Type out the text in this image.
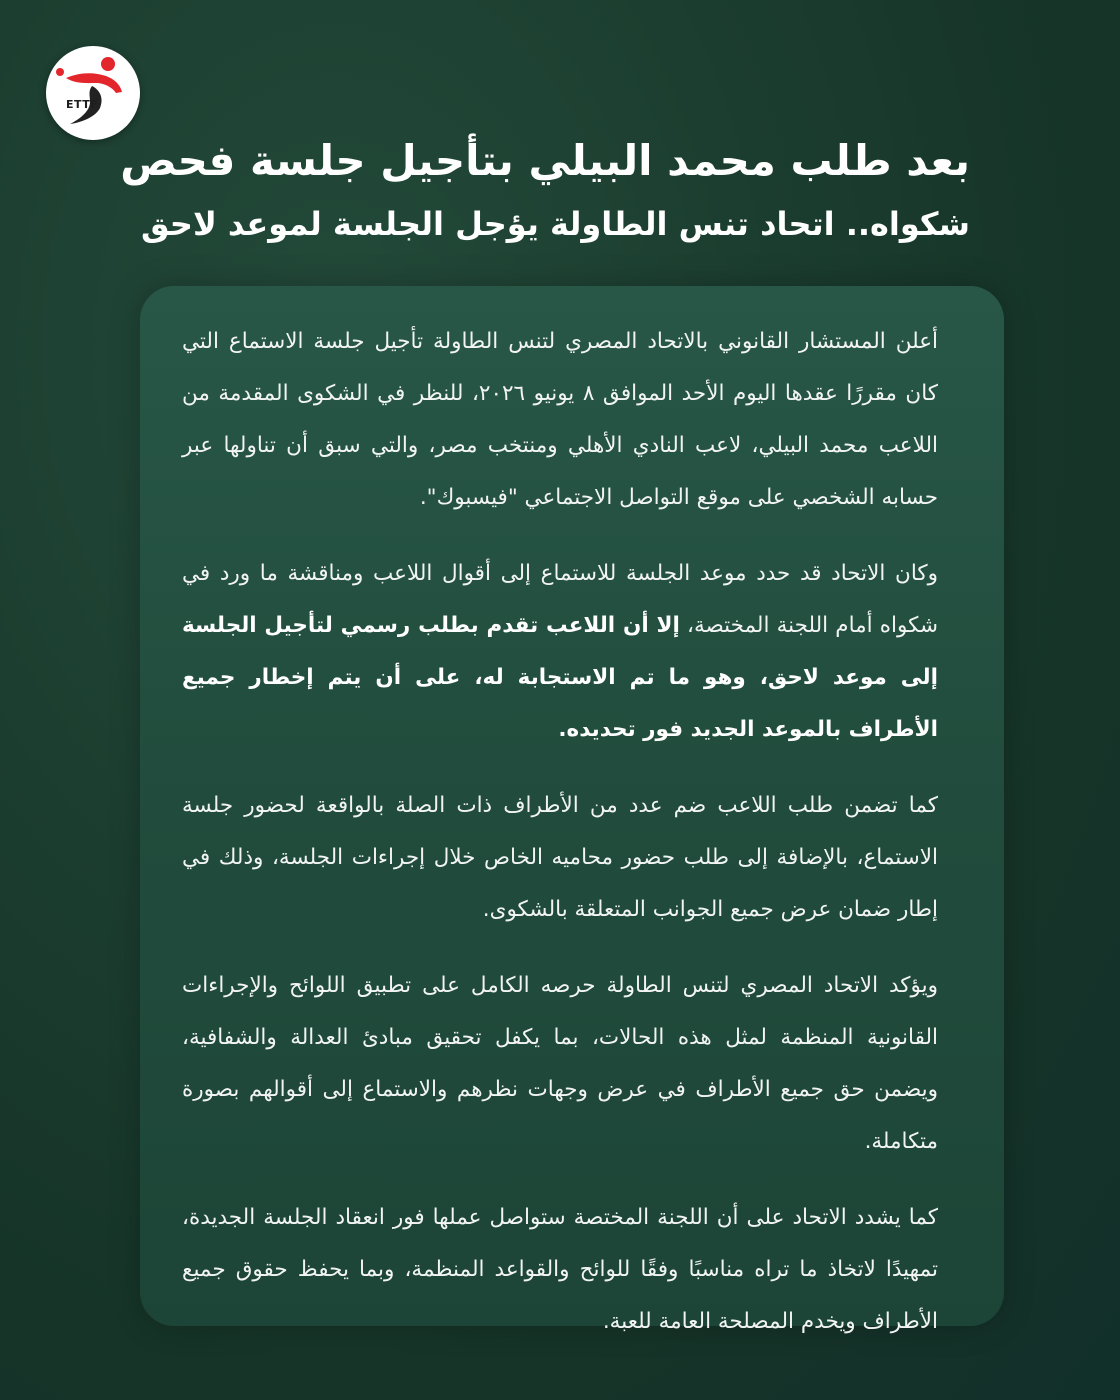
ETTF
بعد طلب محمد البيلي بتأجيل جلسة فحص
شكواه.. اتحاد تنس الطاولة يؤجل الجلسة لموعد لاحق

أعلن المستشار القانوني بالاتحاد المصري لتنس الطاولة تأجيل جلسة الاستماع التي كان مقررًا عقدها اليوم الأحد الموافق ٨ يونيو ٢٠٢٦، للنظر في الشكوى المقدمة من اللاعب محمد البيلي، لاعب النادي الأهلي ومنتخب مصر، والتي سبق أن تناولها عبر حسابه الشخصي على موقع التواصل الاجتماعي "فيسبوك".

وكان الاتحاد قد حدد موعد الجلسة للاستماع إلى أقوال اللاعب ومناقشة ما ورد في شكواه أمام اللجنة المختصة، إلا أن اللاعب تقدم بطلب رسمي لتأجيل الجلسة إلى موعد لاحق، وهو ما تم الاستجابة له، على أن يتم إخطار جميع الأطراف بالموعد الجديد فور تحديده.

كما تضمن طلب اللاعب ضم عدد من الأطراف ذات الصلة بالواقعة لحضور جلسة الاستماع، بالإضافة إلى طلب حضور محاميه الخاص خلال إجراءات الجلسة، وذلك في إطار ضمان عرض جميع الجوانب المتعلقة بالشكوى.

ويؤكد الاتحاد المصري لتنس الطاولة حرصه الكامل على تطبيق اللوائح والإجراءات القانونية المنظمة لمثل هذه الحالات، بما يكفل تحقيق مبادئ العدالة والشفافية، ويضمن حق جميع الأطراف في عرض وجهات نظرهم والاستماع إلى أقوالهم بصورة متكاملة.

كما يشدد الاتحاد على أن اللجنة المختصة ستواصل عملها فور انعقاد الجلسة الجديدة، تمهيدًا لاتخاذ ما تراه مناسبًا وفقًا للوائح والقواعد المنظمة، وبما يحفظ حقوق جميع الأطراف ويخدم المصلحة العامة للعبة.
